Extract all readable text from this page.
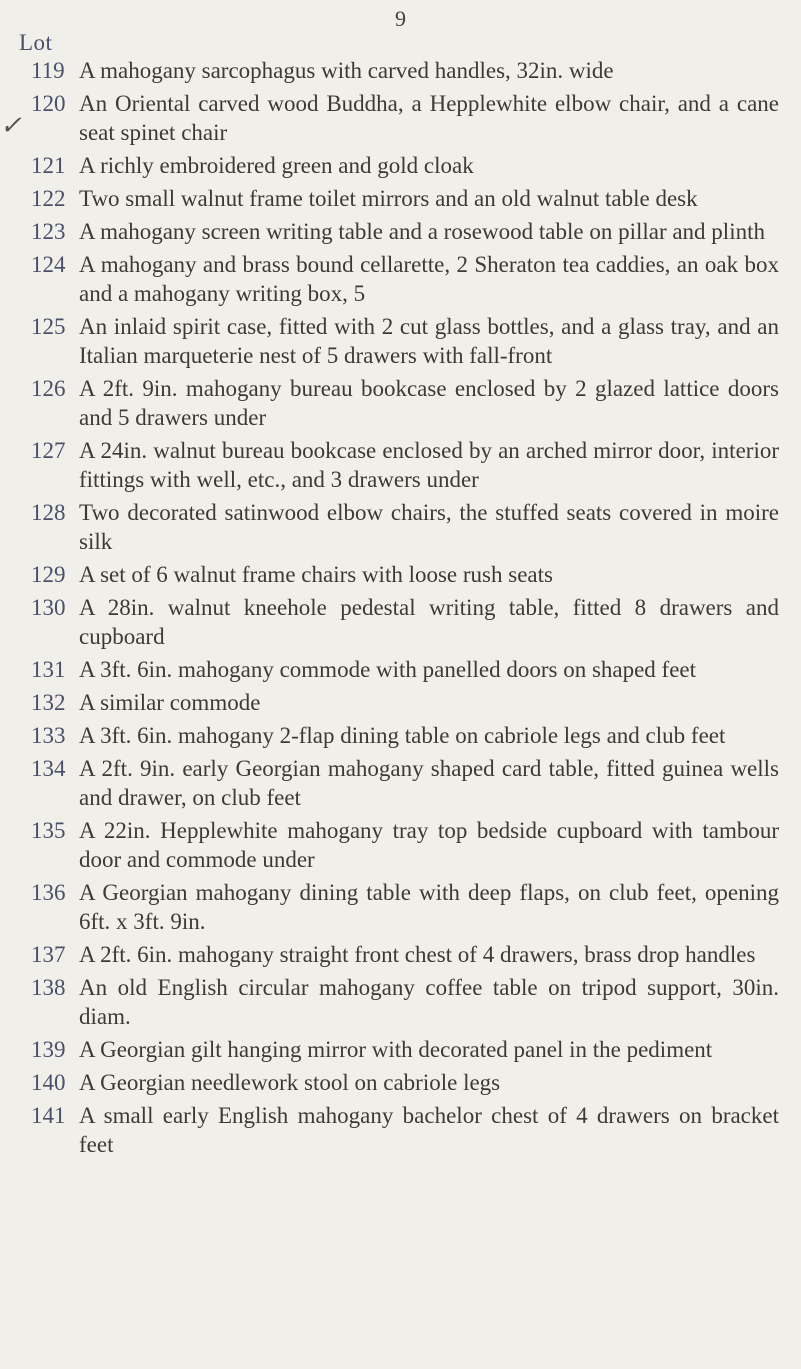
9
Lot
✓
119 A mahogany sarcophagus with carved handles, 32in. wide
120 An Oriental carved wood Buddha, a Hepplewhite elbow chair, and a cane seat spinet chair
121 A richly embroidered green and gold cloak
122 Two small walnut frame toilet mirrors and an old walnut table desk
123 A mahogany screen writing table and a rosewood table on pillar and plinth
124 A mahogany and brass bound cellarette, 2 Sheraton tea caddies, an oak box and a mahogany writing box, 5
125 An inlaid spirit case, fitted with 2 cut glass bottles, and a glass tray, and an Italian marqueterie nest of 5 drawers with fall-front
126 A 2ft. 9in. mahogany bureau bookcase enclosed by 2 glazed lattice doors and 5 drawers under
127 A 24in. walnut bureau bookcase enclosed by an arched mirror door, interior fittings with well, etc., and 3 drawers under
128 Two decorated satinwood elbow chairs, the stuffed seats covered in moire silk
129 A set of 6 walnut frame chairs with loose rush seats
130 A 28in. walnut kneehole pedestal writing table, fitted 8 drawers and cupboard
131 A 3ft. 6in. mahogany commode with panelled doors on shaped feet
132 A similar commode
133 A 3ft. 6in. mahogany 2-flap dining table on cabriole legs and club feet
134 A 2ft. 9in. early Georgian mahogany shaped card table, fitted guinea wells and drawer, on club feet
135 A 22in. Hepplewhite mahogany tray top bedside cupboard with tambour door and commode under
136 A Georgian mahogany dining table with deep flaps, on club feet, opening 6ft. x 3ft. 9in.
137 A 2ft. 6in. mahogany straight front chest of 4 drawers, brass drop handles
138 An old English circular mahogany coffee table on tripod support, 30in. diam.
139 A Georgian gilt hanging mirror with decorated panel in the pediment
140 A Georgian needlework stool on cabriole legs
141 A small early English mahogany bachelor chest of 4 drawers on bracket feet
